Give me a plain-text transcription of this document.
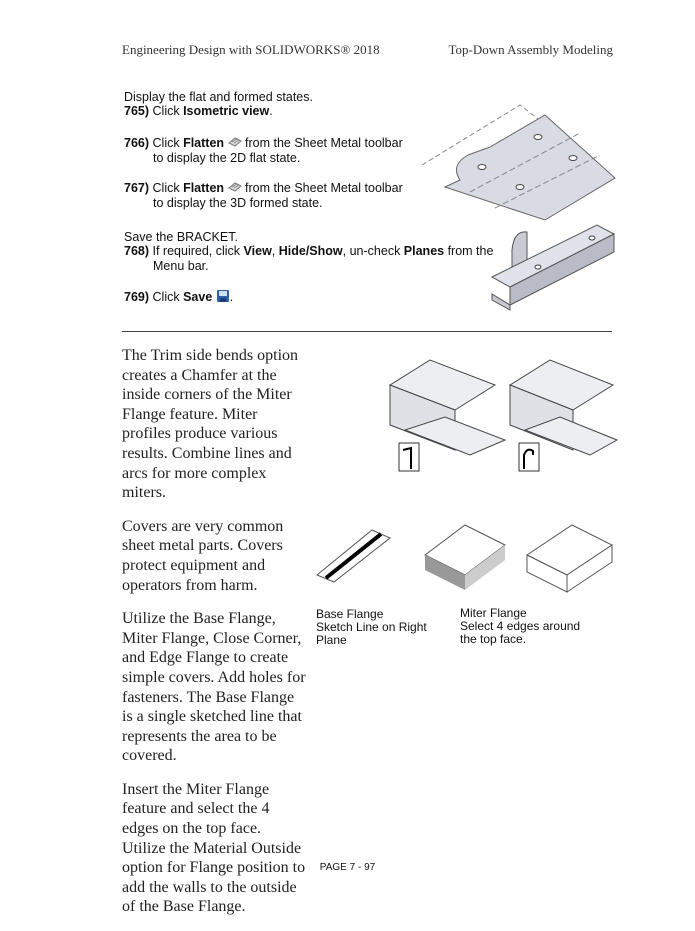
Engineering Design with SOLIDWORKS® 2018	Top-Down Assembly Modeling
Display the flat and formed states.
765) Click Isometric view.
766) Click Flatten  from the Sheet Metal toolbar
to display the 2D flat state.
767) Click Flatten  from the Sheet Metal toolbar
to display the 3D formed state.
Save the BRACKET.
768) If required, click View, Hide/Show, un-check Planes from the
Menu bar.
769) Click Save .

The Trim side bends option creates a Chamfer at the inside corners of the Miter Flange feature. Miter profiles produce various results. Combine lines and arcs for more complex miters.

Covers are very common sheet metal parts. Covers protect equipment and operators from harm.

Utilize the Base Flange, Miter Flange, Close Corner, and Edge Flange to create simple covers. Add holes for fasteners. The Base Flange is a single sketched line that represents the area to be covered.

Insert the Miter Flange feature and select the 4 edges on the top face. Utilize the Material Outside option for Flange position to add the walls to the outside of the Base Flange.

Base Flange
Sketch Line on Right
Plane
Miter Flange
Select 4 edges around
the top face.
PAGE 7 - 97
